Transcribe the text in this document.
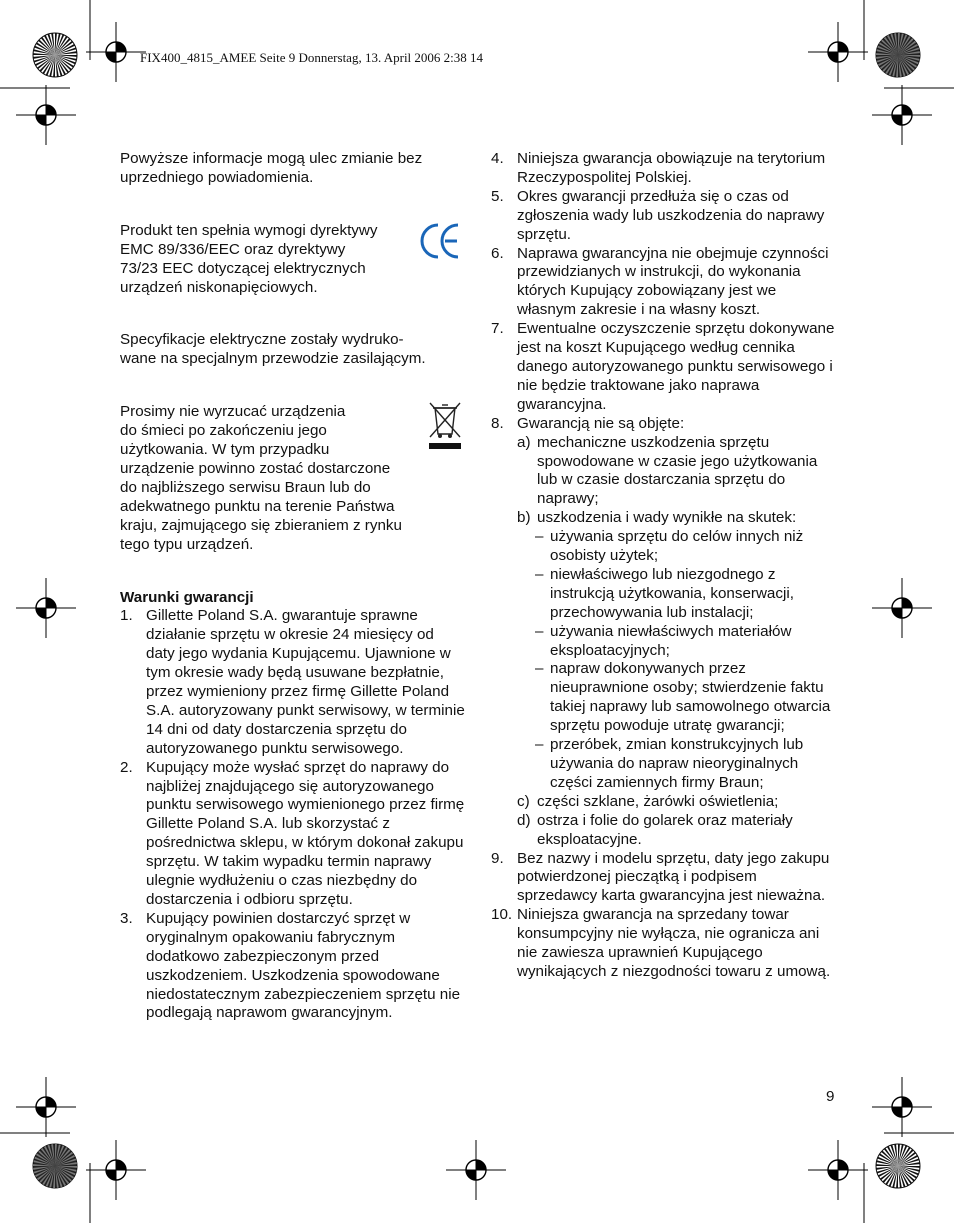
FIX400_4815_AMEE Seite 9 Donnerstag, 13. April 2006 2:38 14

Powyższe informacje mogą ulec zmianie bez uprzedniego powiadomienia.

Produkt ten spełnia wymogi dyrektywy

EMC 89/336/EEC oraz dyrektywy

73/23 EEC dotyczącej elektrycznych

urządzeń niskonapięciowych.

Specyfikacje elektryczne zostały wydruko-

wane na specjalnym przewodzie zasilającym.

Prosimy nie wyrzucać urządzenia

do śmieci po zakończeniu jego

użytkowania. W tym przypadku

urządzenie powinno zostać dostarczone

do najbliższego serwisu Braun lub do

adekwatnego punktu na terenie Państwa

kraju, zajmującego się zbieraniem z rynku

tego typu urządzeń.

Warunki gwarancji

1. Gillette Poland S.A. gwarantuje sprawne działanie sprzętu w okresie 24 miesięcy od daty jego wydania Kupującemu. Ujawnione w tym okresie wady będą usuwane bezpłatnie, przez wymieniony przez firmę Gillette Poland S.A. autoryzowany punkt serwisowy, w terminie 14 dni od daty dostarczenia sprzętu do autoryzowanego punktu serwisowego.
2. Kupujący może wysłać sprzęt do naprawy do najbliżej znajdującego się autoryzowanego punktu serwisowego wymienionego przez firmę Gillette Poland S.A. lub skorzystać z pośrednictwa sklepu, w którym dokonał zakupu sprzętu. W takim wypadku termin naprawy ulegnie wydłużeniu o czas niezbędny do dostarczenia i odbioru sprzętu.
3. Kupujący powinien dostarczyć sprzęt w oryginalnym opakowaniu fabrycznym dodatkowo zabezpieczonym przed uszkodzeniem. Uszkodzenia spowodowane niedostatecznym zabezpieczeniem sprzętu nie podlegają naprawom gwarancyjnym.
4. Niniejsza gwarancja obowiązuje na terytorium Rzeczypospolitej Polskiej.
5. Okres gwarancji przedłuża się o czas od zgłoszenia wady lub uszkodzenia do naprawy sprzętu.
6. Naprawa gwarancyjna nie obejmuje czynności przewidzianych w instrukcji, do wykonania których Kupujący zobowiązany jest we własnym zakresie i na własny koszt.
7. Ewentualne oczyszczenie sprzętu dokonywane jest na koszt Kupującego według cennika danego autoryzowanego punktu serwisowego i nie będzie traktowane jako naprawa gwarancyjna.
8. Gwarancją nie są objęte:
a) mechaniczne uszkodzenia sprzętu spowodowane w czasie jego użytkowania lub w czasie dostarczania sprzętu do naprawy;
b) uszkodzenia i wady wynikłe na skutek:
– używania sprzętu do celów innych niż osobisty użytek;
– niewłaściwego lub niezgodnego z instrukcją użytkowania, konserwacji, przechowywania lub instalacji;
– używania niewłaściwych materiałów eksploatacyjnych;
– napraw dokonywanych przez nieuprawnione osoby; stwierdzenie faktu takiej naprawy lub samowolnego otwarcia sprzętu powoduje utratę gwarancji;
– przeróbek, zmian konstrukcyjnych lub używania do napraw nieoryginalnych części zamiennych firmy Braun;
c) części szklane, żarówki oświetlenia;
d) ostrza i folie do golarek oraz materiały eksploatacyjne.
9. Bez nazwy i modelu sprzętu, daty jego zakupu potwierdzonej pieczątką i podpisem sprzedawcy karta gwarancyjna jest nieważna.
10. Niniejsza gwarancja na sprzedany towar konsumpcyjny nie wyłącza, nie ogranicza ani nie zawiesza uprawnień Kupującego wynikających z niezgodności towaru z umową.
9
